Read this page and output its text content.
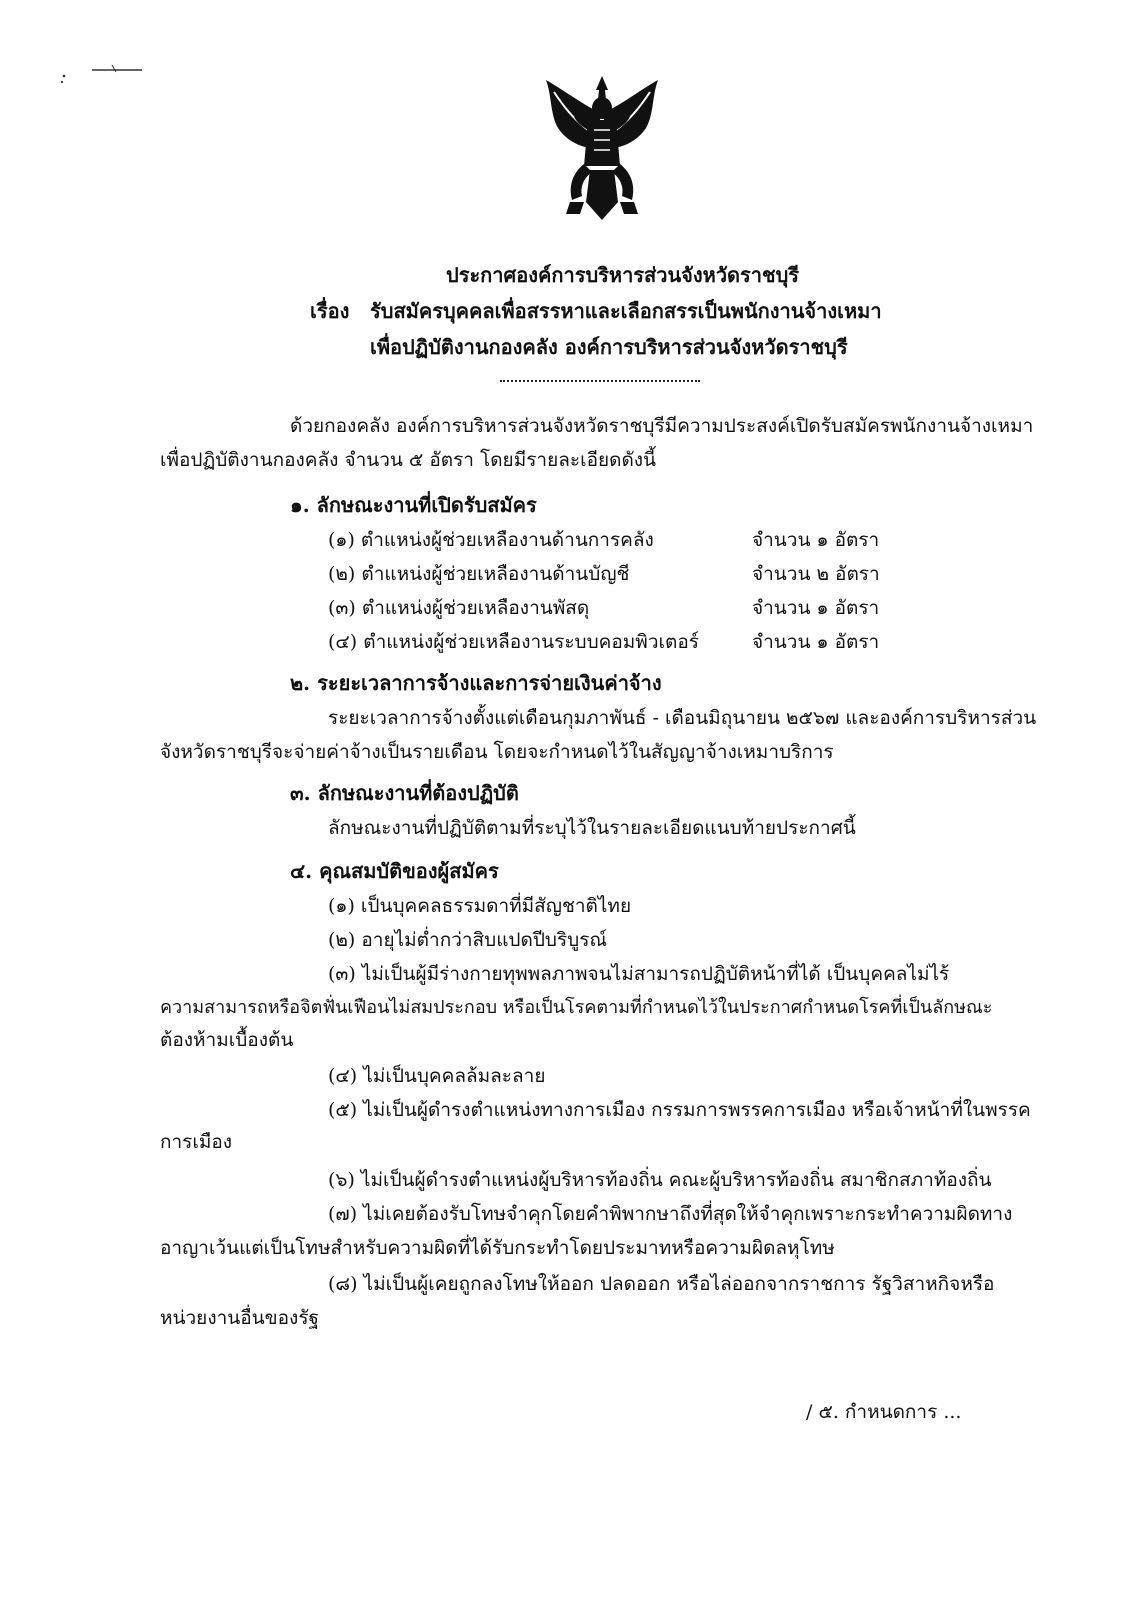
ประกาศองค์การบริหารส่วนจังหวัดราชบุรี
เรื่อง รับสมัครบุคคลเพื่อสรรหาและเลือกสรรเป็นพนักงานจ้างเหมา
เพื่อปฏิบัติงานกองคลัง องค์การบริหารส่วนจังหวัดราชบุรี
ด้วยกองคลัง องค์การบริหารส่วนจังหวัดราชบุรีมีความประสงค์เปิดรับสมัครพนักงานจ้างเหมา
เพื่อปฏิบัติงานกองคลัง จำนวน ๕ อัตรา โดยมีรายละเอียดดังนี้
๑. ลักษณะงานที่เปิดรับสมัคร
(๑) ตำแหน่งผู้ช่วยเหลืองานด้านการคลัง	จำนวน ๑ อัตรา
(๒) ตำแหน่งผู้ช่วยเหลืองานด้านบัญชี	จำนวน ๒ อัตรา
(๓) ตำแหน่งผู้ช่วยเหลืองานพัสดุ	จำนวน ๑ อัตรา
(๔) ตำแหน่งผู้ช่วยเหลืองานระบบคอมพิวเตอร์	จำนวน ๑ อัตรา
๒. ระยะเวลาการจ้างและการจ่ายเงินค่าจ้าง
ระยะเวลาการจ้างตั้งแต่เดือนกุมภาพันธ์ - เดือนมิถุนายน ๒๕๖๗ และองค์การบริหารส่วน
จังหวัดราชบุรีจะจ่ายค่าจ้างเป็นรายเดือน โดยจะกำหนดไว้ในสัญญาจ้างเหมาบริการ
๓. ลักษณะงานที่ต้องปฏิบัติ
ลักษณะงานที่ปฏิบัติตามที่ระบุไว้ในรายละเอียดแนบท้ายประกาศนี้
๔. คุณสมบัติของผู้สมัคร
(๑) เป็นบุคคลธรรมดาที่มีสัญชาติไทย
(๒) อายุไม่ต่ำกว่าสิบแปดปีบริบูรณ์
(๓) ไม่เป็นผู้มีร่างกายทุพพลภาพจนไม่สามารถปฏิบัติหน้าที่ได้ เป็นบุคคลไม่ไร้
ความสามารถหรือจิตฟั่นเฟือนไม่สมประกอบ หรือเป็นโรคตามที่กำหนดไว้ในประกาศกำหนดโรคที่เป็นลักษณะ
ต้องห้ามเบื้องต้น
(๔) ไม่เป็นบุคคลล้มละลาย
(๕) ไม่เป็นผู้ดำรงตำแหน่งทางการเมือง กรรมการพรรคการเมือง หรือเจ้าหน้าที่ในพรรค
การเมือง
(๖) ไม่เป็นผู้ดำรงตำแหน่งผู้บริหารท้องถิ่น คณะผู้บริหารท้องถิ่น สมาชิกสภาท้องถิ่น
(๗) ไม่เคยต้องรับโทษจำคุกโดยคำพิพากษาถึงที่สุดให้จำคุกเพราะกระทำความผิดทาง
อาญาเว้นแต่เป็นโทษสำหรับความผิดที่ได้รับกระทำโดยประมาทหรือความผิดลหุโทษ
(๘) ไม่เป็นผู้เคยถูกลงโทษให้ออก ปลดออก หรือไล่ออกจากราชการ รัฐวิสาหกิจหรือ
หน่วยงานอื่นของรัฐ
/ ๕. กำหนดการ ...
